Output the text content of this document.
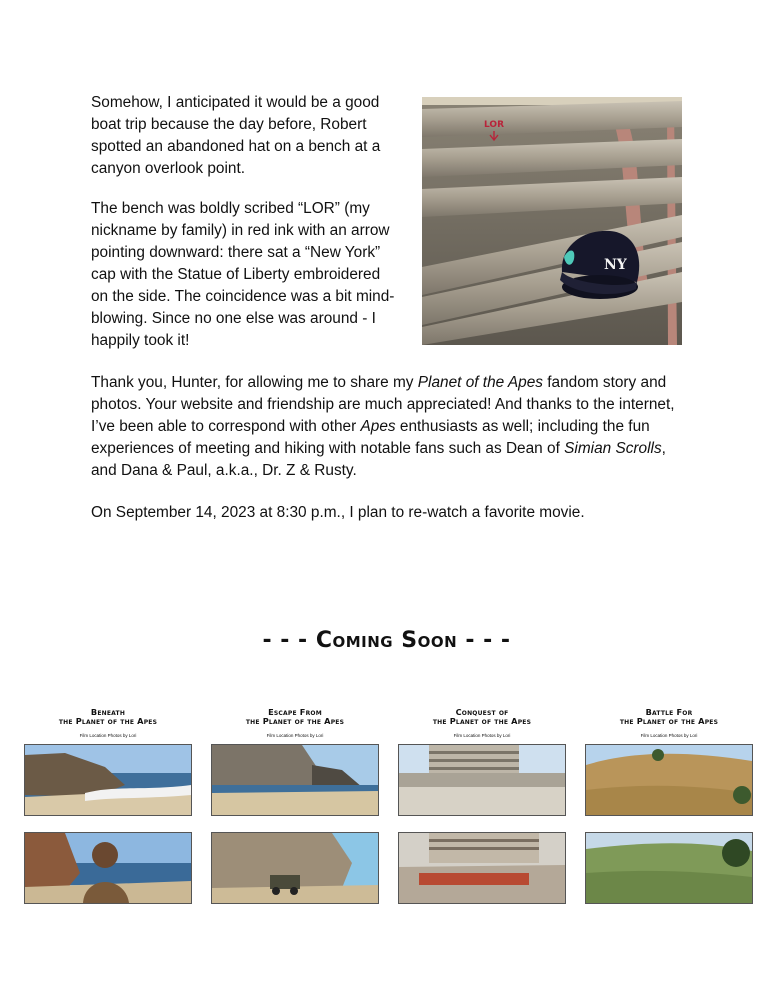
Somehow, I anticipated it would be a good boat trip because the day before, Robert spotted an abandoned hat on a bench at a canyon overlook point.

The bench was boldly scribed “LOR” (my nickname by family) in red ink with an arrow pointing downward: there sat a “New York” cap with the Statue of Liberty embroidered on the side. The coincidence was a bit mind-blowing. Since no one else was around - I happily took it!

LOR
NY

Thank you, Hunter, for allowing me to share my Planet of the Apes fandom story and photos. Your website and friendship are much appreciated! And thanks to the internet, I’ve been able to correspond with other Apes enthusiasts as well; including the fun experiences of meeting and hiking with notable fans such as Dean of Simian Scrolls, and Dana & Paul, a.k.a., Dr. Z & Rusty.

On September 14, 2023 at 8:30 p.m., I plan to re-watch a favorite movie.

- - - Coming Soon - - -
Beneath
the Planet of the Apes
Film Location Photos by Lori
Escape From
the Planet of the Apes
Film Location Photos by Lori
Conquest of
the Planet of the Apes
Film Location Photos by Lori
Battle For
the Planet of the Apes
Film Location Photos by Lori
